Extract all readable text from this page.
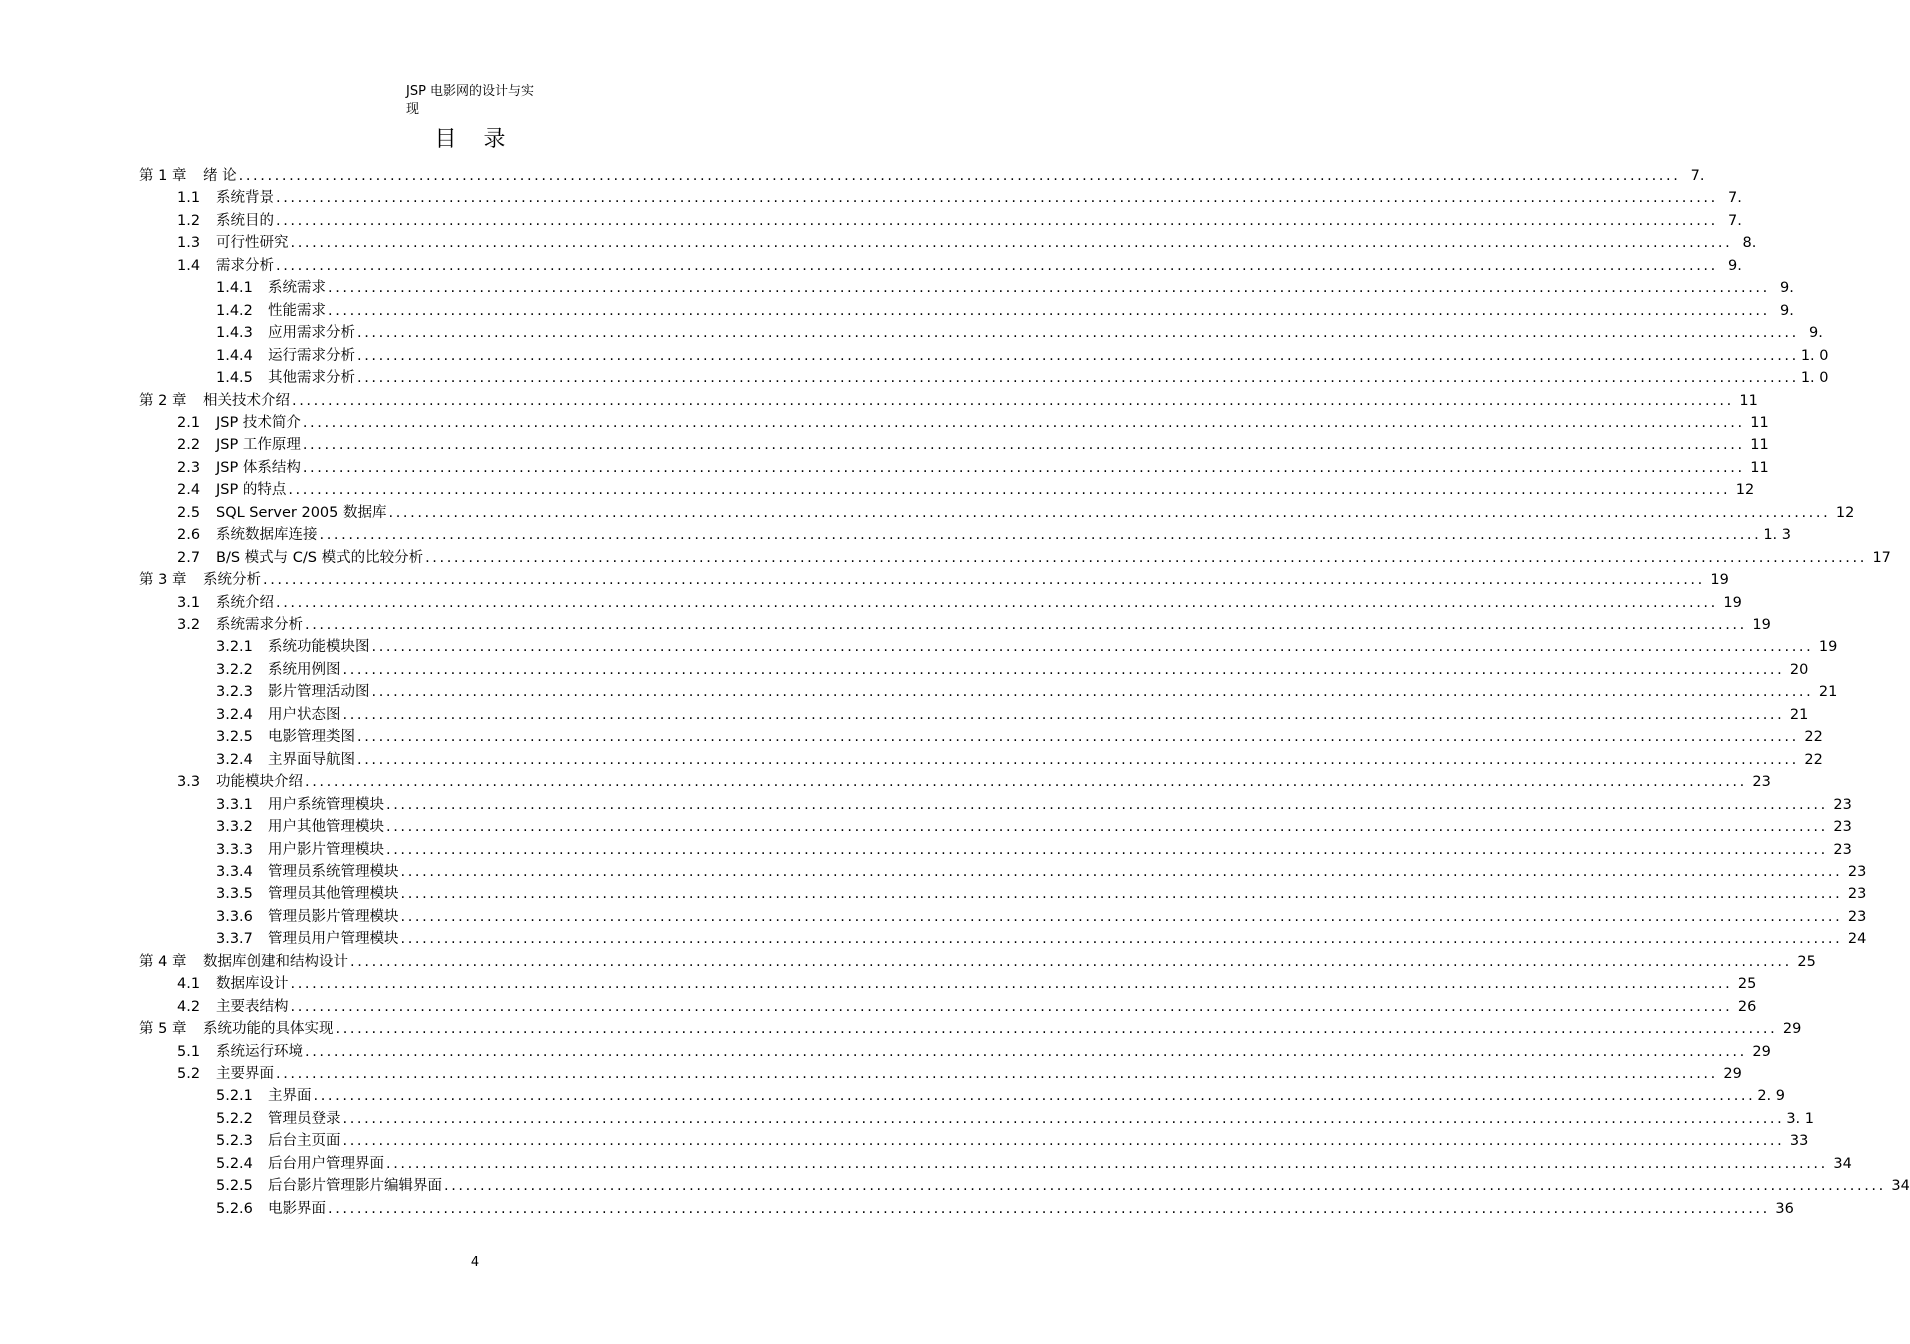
JSP 电影网的设计与实
现
目 录
第 1 章	绪 论 ........................................................................................................................................................................................................ 7.
1.1	系统背景 ........................................................................................................................................................................................................ 7.
1.2	系统目的 ........................................................................................................................................................................................................ 7.
1.3	可行性研究 ........................................................................................................................................................................................................ 8.
1.4	需求分析 ........................................................................................................................................................................................................ 9.
1.4.1	系统需求 ........................................................................................................................................................................................................ 9.
1.4.2	性能需求 ........................................................................................................................................................................................................ 9.
1.4.3	应用需求分析 ........................................................................................................................................................................................................ 9.
1.4.4	运行需求分析 ........................................................................................................................................................................................................ 1. 0
1.4.5	其他需求分析 ........................................................................................................................................................................................................ 1. 0
第 2 章	相关技术介绍 ........................................................................................................................................................................................................ 11
2.1	JSP 技术简介 ........................................................................................................................................................................................................ 11
2.2	JSP 工作原理 ........................................................................................................................................................................................................ 11
2.3	JSP 体系结构 ........................................................................................................................................................................................................ 11
2.4	JSP 的特点 ........................................................................................................................................................................................................ 12
2.5	SQL Server 2005 数据库 ........................................................................................................................................................................................................ 12
2.6	系统数据库连接 ........................................................................................................................................................................................................ 1. 3
2.7	B/S 模式与 C/S 模式的比较分析 ........................................................................................................................................................................................................ 17
第 3 章	系统分析 ........................................................................................................................................................................................................ 19
3.1	系统介绍 ........................................................................................................................................................................................................ 19
3.2	系统需求分析 ........................................................................................................................................................................................................ 19
3.2.1	系统功能模块图 ........................................................................................................................................................................................................ 19
3.2.2	系统用例图 ........................................................................................................................................................................................................ 20
3.2.3	影片管理活动图 ........................................................................................................................................................................................................ 21
3.2.4	用户状态图 ........................................................................................................................................................................................................ 21
3.2.5	电影管理类图 ........................................................................................................................................................................................................ 22
3.2.4	主界面导航图 ........................................................................................................................................................................................................ 22
3.3	功能模块介绍 ........................................................................................................................................................................................................ 23
3.3.1	用户系统管理模块 ........................................................................................................................................................................................................ 23
3.3.2	用户其他管理模块 ........................................................................................................................................................................................................ 23
3.3.3	用户影片管理模块 ........................................................................................................................................................................................................ 23
3.3.4	管理员系统管理模块 ........................................................................................................................................................................................................ 23
3.3.5	管理员其他管理模块 ........................................................................................................................................................................................................ 23
3.3.6	管理员影片管理模块 ........................................................................................................................................................................................................ 23
3.3.7	管理员用户管理模块 ........................................................................................................................................................................................................ 24
第 4 章	数据库创建和结构设计 ........................................................................................................................................................................................................ 25
4.1	数据库设计 ........................................................................................................................................................................................................ 25
4.2	主要表结构 ........................................................................................................................................................................................................ 26
第 5 章	系统功能的具体实现 ........................................................................................................................................................................................................ 29
5.1	系统运行环境 ........................................................................................................................................................................................................ 29
5.2	主要界面 ........................................................................................................................................................................................................ 29
5.2.1	主界面 ........................................................................................................................................................................................................ 2. 9
5.2.2	管理员登录 ........................................................................................................................................................................................................ 3. 1
5.2.3	后台主页面 ........................................................................................................................................................................................................ 33
5.2.4	后台用户管理界面 ........................................................................................................................................................................................................ 34
5.2.5	后台影片管理影片编辑界面 ........................................................................................................................................................................................................ 34
5.2.6	电影界面 ........................................................................................................................................................................................................ 36
4
